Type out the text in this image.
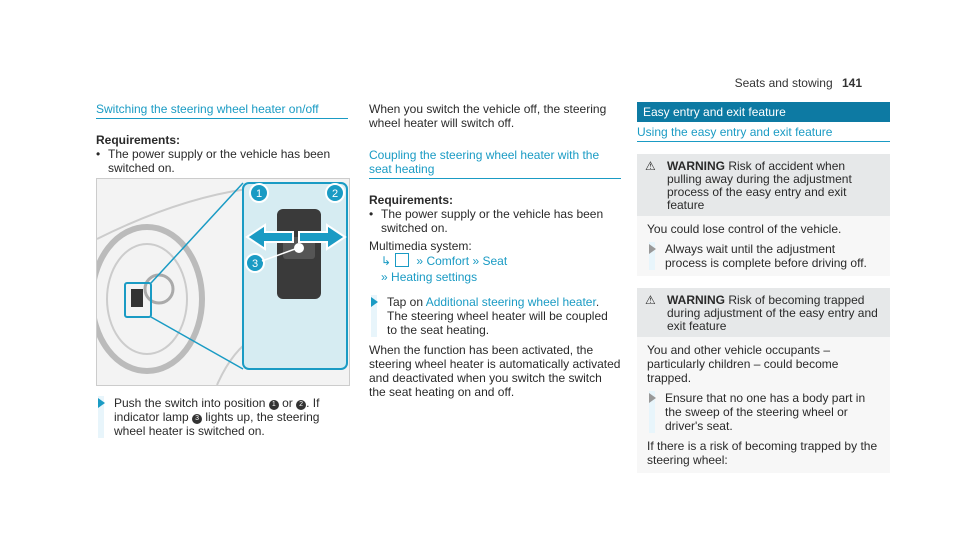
Seats and stowing 141
Switching the steering wheel heater on/off
Requirements:
• The power supply or the vehicle has been switched on.
1	2
3
Push the switch into position 1 or 2 . If indicator lamp 3 lights up, the steering wheel heater is switched on.
When you switch the vehicle off, the steering wheel heater will switch off.
Coupling the steering wheel heater with the seat heating
Requirements:
• The power supply or the vehicle has been switched on.
Multimedia system:
↳ » Comfort » Seat
» Heating settings
Tap on Additional steering wheel heater. The steering wheel heater will be coupled to the seat heating.
When the function has been activated, the steering wheel heater is automatically activated and deactivated when you switch the switch the seat heating on and off.
Easy entry and exit feature
Using the easy entry and exit feature
⚠ WARNING Risk of accident when pulling away during the adjustment process of the easy entry and exit feature
You could lose control of the vehicle.
Always wait until the adjustment process is complete before driving off.
⚠ WARNING Risk of becoming trapped during adjustment of the easy entry and exit feature
You and other vehicle occupants – particularly children – could become trapped.
Ensure that no one has a body part in the sweep of the steering wheel or driver's seat.
If there is a risk of becoming trapped by the steering wheel:
